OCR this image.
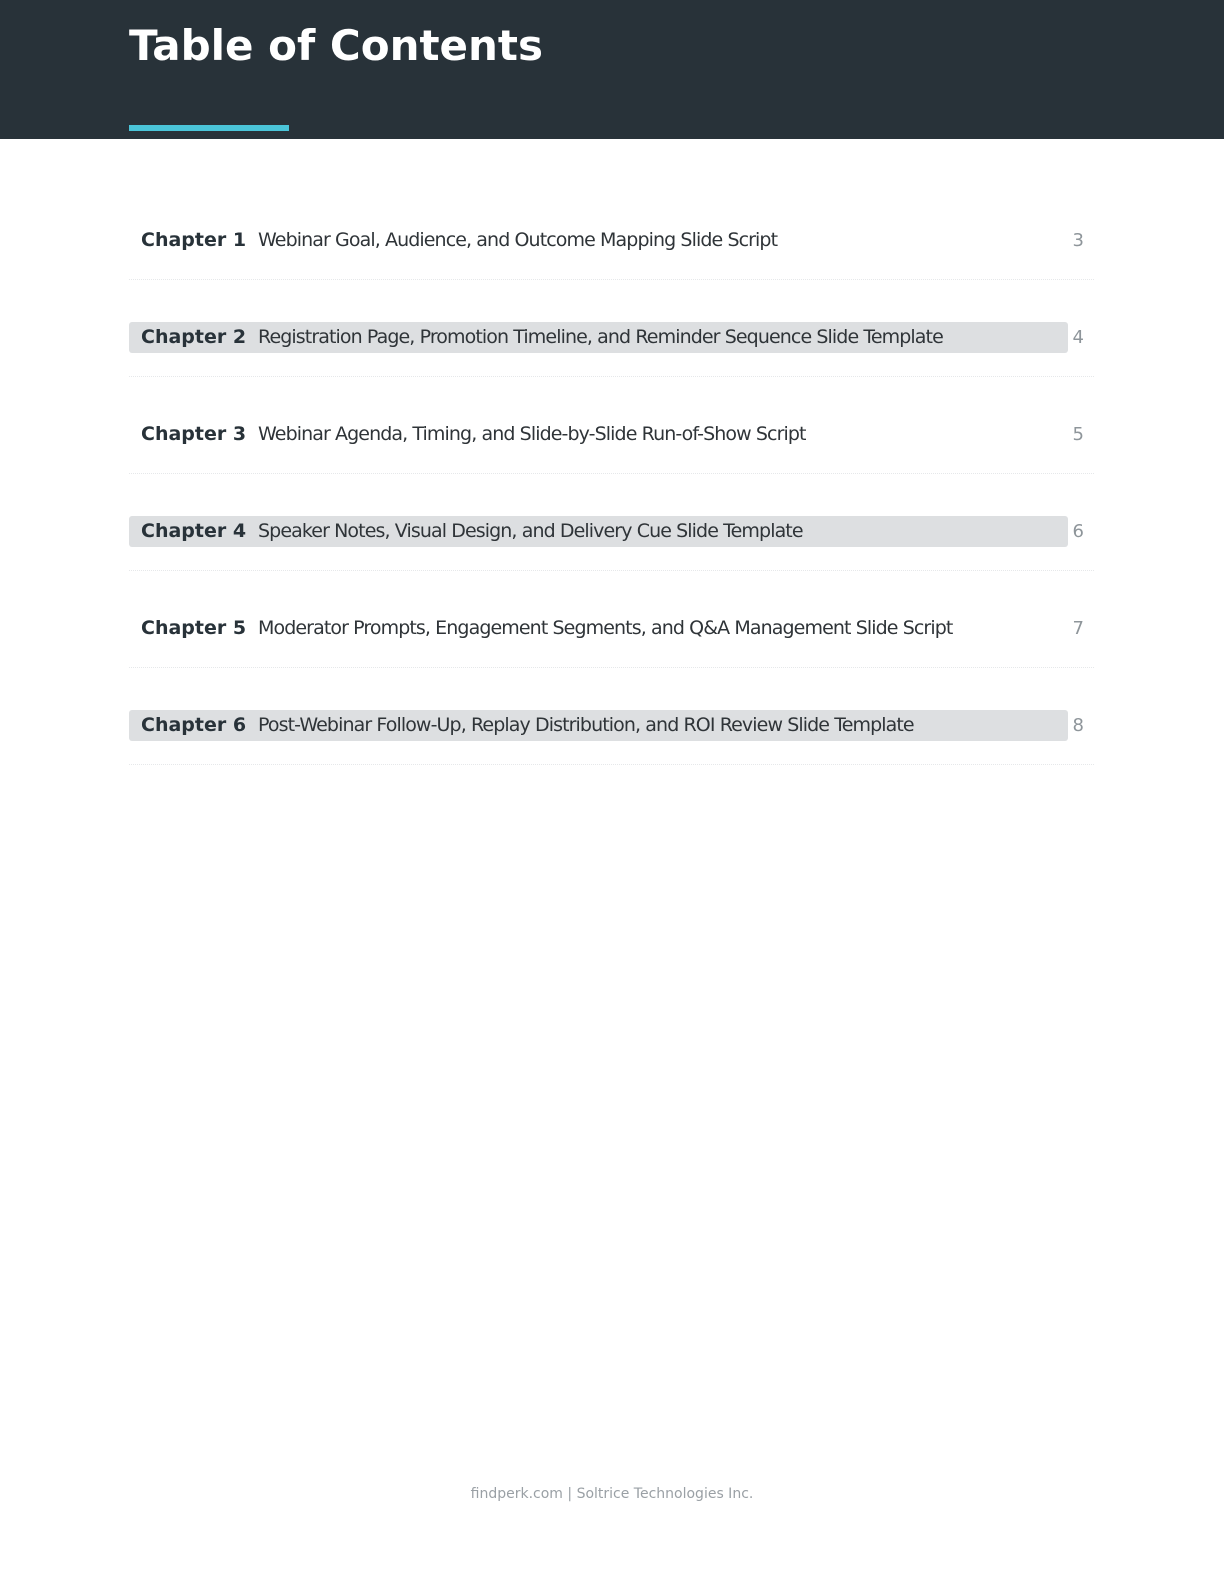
Table of Contents
Chapter 1 Webinar Goal, Audience, and Outcome Mapping Slide Script	3
Chapter 2 Registration Page, Promotion Timeline, and Reminder Sequence Slide Template	4
Chapter 3 Webinar Agenda, Timing, and Slide-by-Slide Run-of-Show Script	5
Chapter 4 Speaker Notes, Visual Design, and Delivery Cue Slide Template	6
Chapter 5 Moderator Prompts, Engagement Segments, and Q&A Management Slide Script	7
Chapter 6 Post-Webinar Follow-Up, Replay Distribution, and ROI Review Slide Template	8
findperk.com | Soltrice Technologies Inc.
